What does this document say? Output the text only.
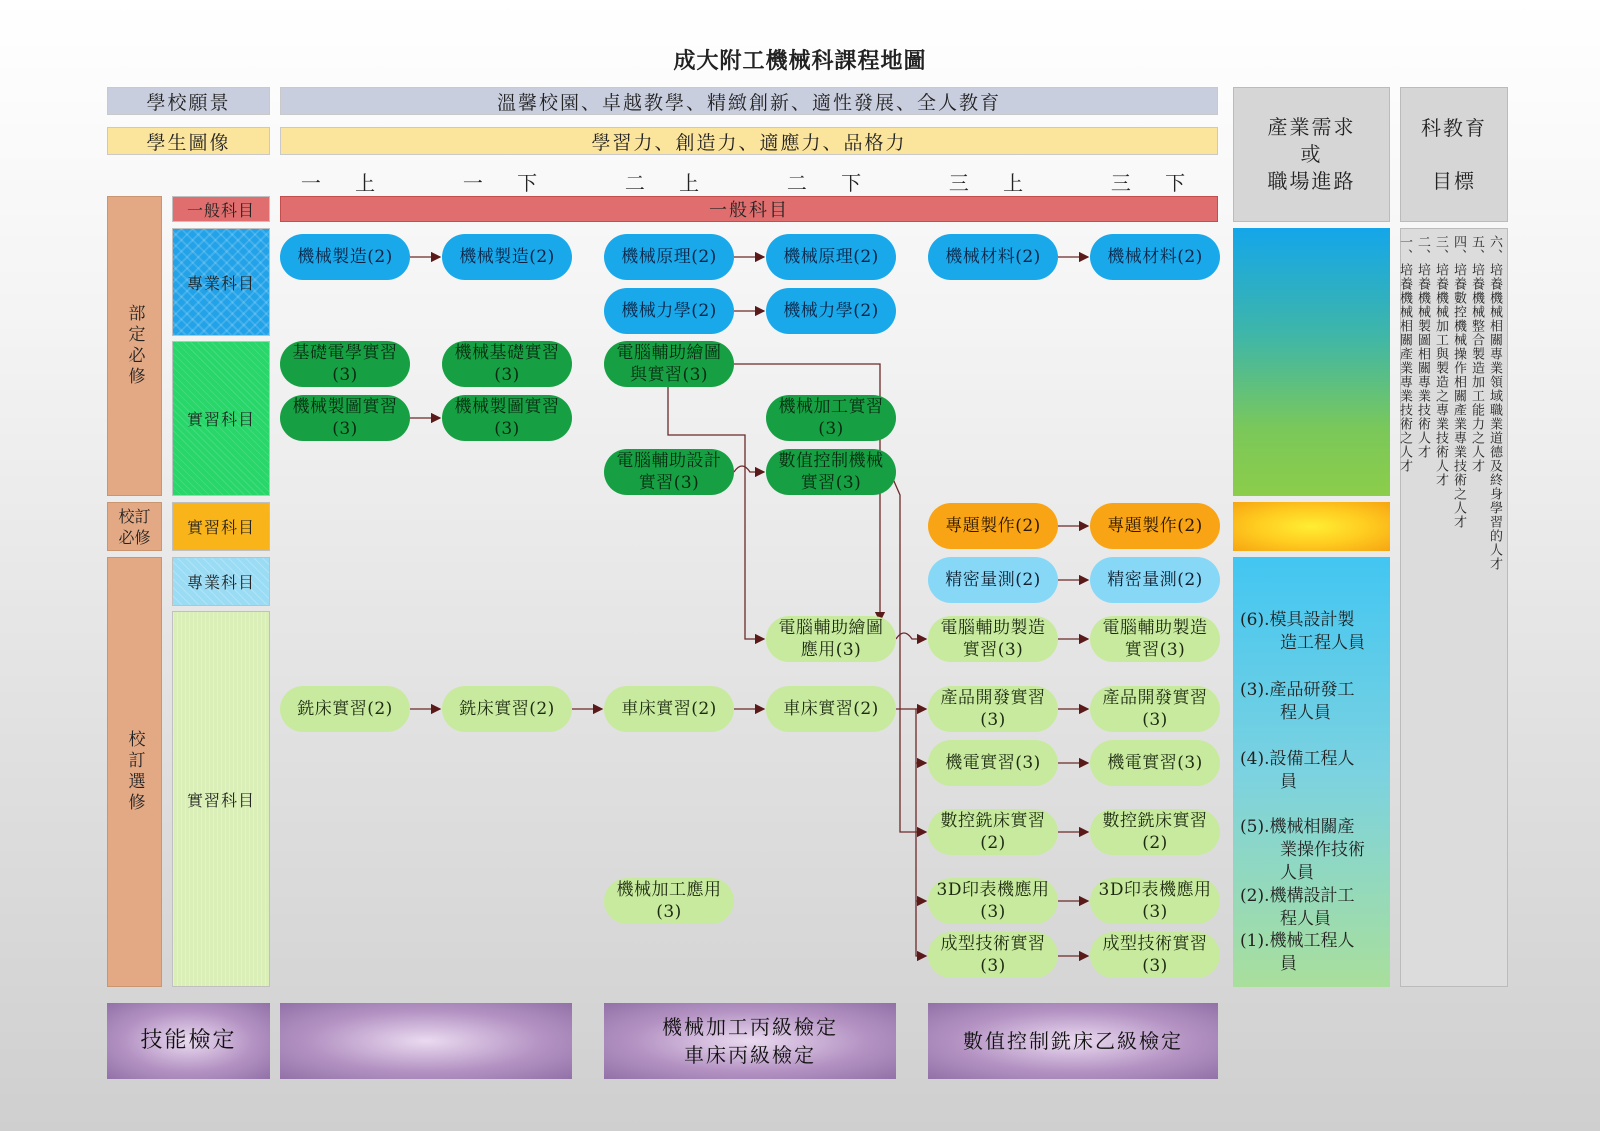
成大附工機械科課程地圖
學校願景	溫馨校園、卓越教學、精緻創新、適性發展、全人教育
學生圖像	學習力、創造力、適應力、品格力
一 上	一 下	二 上	二 下	三 上	三 下
產業需求
或
職場進路
科教育
目標
部定必修
校訂必修
校訂選修
一般科目
專業科目
實習科目
實習科目
專業科目
實習科目
一般科目
(6).模具設計製
造工程人員
(3).產品研發工
程人員
(4).設備工程人
員
(5).機械相關產
業操作技術
人員
(2).機構設計工
程人員
(1).機械工程人
員
六、培養機械相關專業領域職業道德及終身學習的人才
五、培養機械整合製造加工能力之人才
四、培養數控機械操作相關產業專業技術之人才
三、培養機械加工與製造之專業技術人才
二、培養機械製圖相關專業技術人才
一、培養機械相關產業專業技術之人才
機械製造(2)	機械製造(2)	機械原理(2)	機械原理(2)	機械材料(2)	機械材料(2)
機械力學(2)	機械力學(2)
基礎電學實習
(3)
機械基礎實習
(3)
電腦輔助繪圖
與實習(3)
機械製圖實習
(3)
機械製圖實習
(3)
機械加工實習
(3)
電腦輔助設計
實習(3)
數值控制機械
實習(3)
專題製作(2)	專題製作(2)
精密量測(2)	精密量測(2)
電腦輔助繪圖
應用(3)
電腦輔助製造
實習(3)
電腦輔助製造
實習(3)
銑床實習(2)	銑床實習(2)	車床實習(2)	車床實習(2)
產品開發實習
(3)
產品開發實習
(3)
機電實習(3)	機電實習(3)
數控銑床實習
(2)
數控銑床實習
(2)
機械加工應用
(3)
3D印表機應用
(3)
3D印表機應用
(3)
成型技術實習
(3)
成型技術實習
(3)
技能檢定
機械加工丙級檢定
車床丙級檢定
數值控制銑床乙級檢定
